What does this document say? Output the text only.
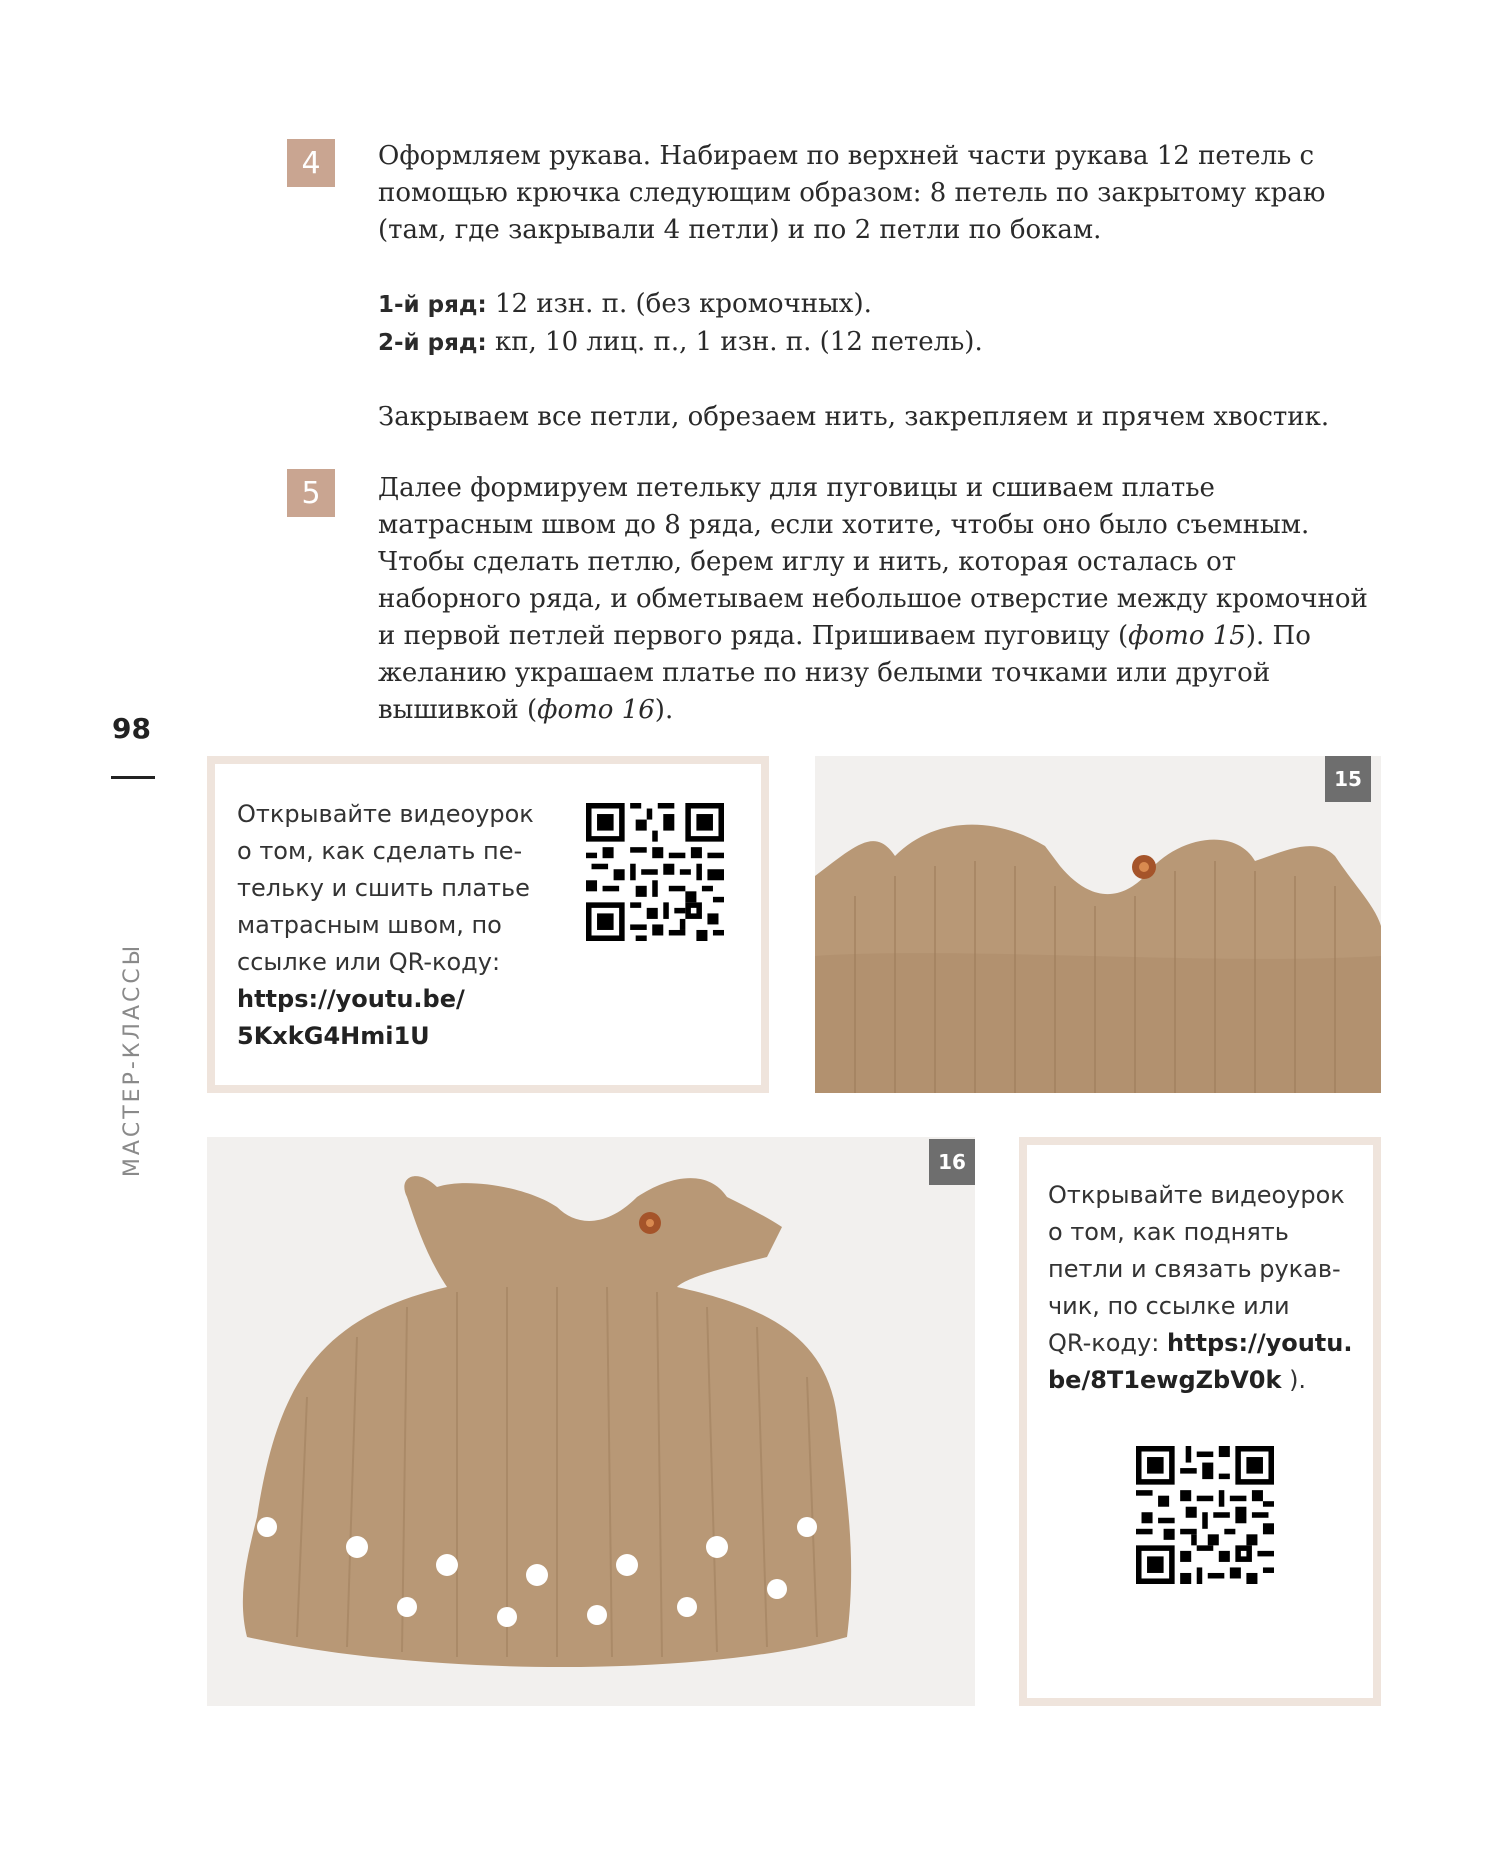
4	Оформляем рукава. Набираем по верхней части рукава 12 петель с помощью крючка следующим образом: 8 петель по закрытому краю (там, где закрывали 4 петли) и по 2 петли по бокам.

1-й ряд: 12 изн. п. (без кромочных).

2-й ряд: кп, 10 лиц. п., 1 изн. п. (12 петель).

Закрываем все петли, обрезаем нить, закрепляем и прячем хвостик.

5	Далее формируем петельку для пуговицы и сшиваем платье матрасным швом до 8 ряда, если хотите, чтобы оно было съемным. Чтобы сделать петлю, берем иглу и нить, которая осталась от наборного ряда, и обметываем небольшое отверстие между кромочной и первой петлей первого ряда. Пришиваем пуговицу (фото 15). По желанию украшаем платье по низу белыми точками или другой вышивкой (фото 16).

98
МАСТЕР-КЛАССЫ
Открывайте видеоурок
о том, как сделать пе-
тельку и сшить платье
матрасным швом, по
ссылке или QR-коду:
https://youtu.be/
5KxkG4Hmi1U
15
16
Открывайте видеоурок
о том, как поднять
петли и связать рукав-
чик, по ссылке или
QR-коду: https://youtu.
be/8T1ewgZbV0k ).
